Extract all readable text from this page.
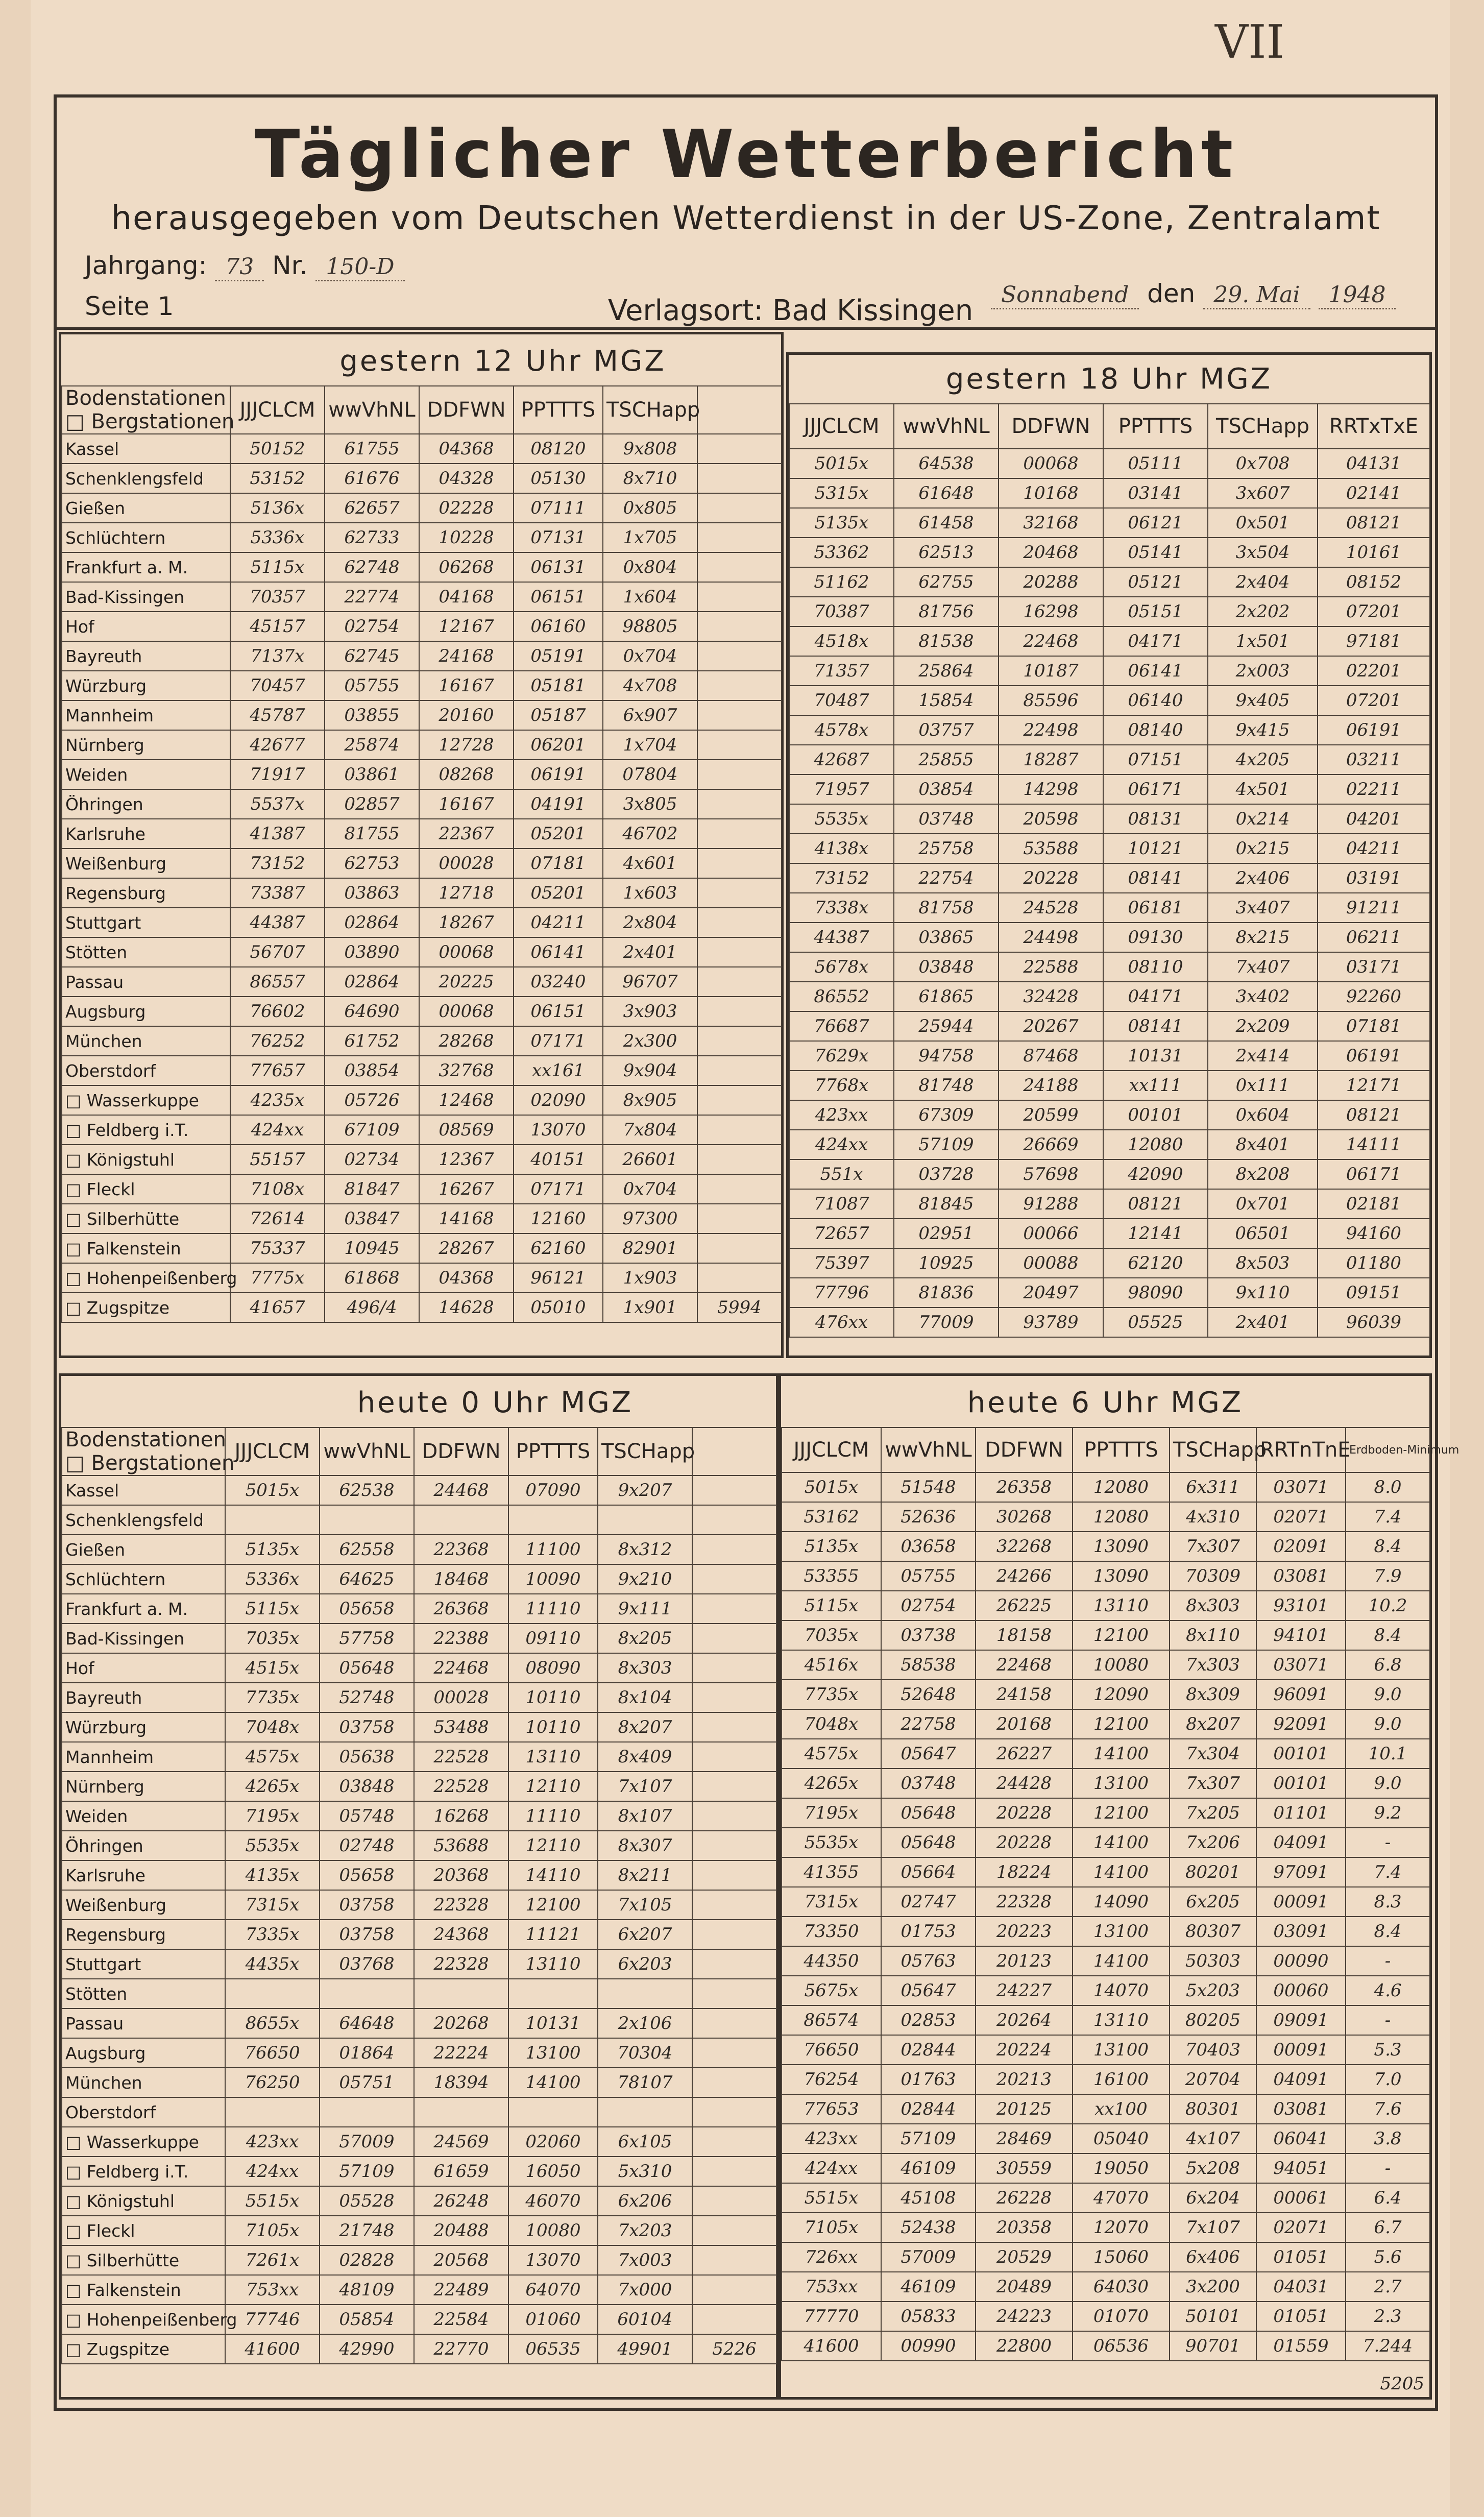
VII
Täglicher Wetterbericht
herausgegeben vom Deutschen Wetterdienst in der US-Zone, Zentralamt
Jahrgang: 73 Nr. 150-D
Seite 1	Verlagsort: Bad Kissingen	Sonnabend den 29. Mai 1948
gestern 12 Uhr MGZ
Bodenstationen
□ Bergstationen	JJJCLCM	wwVhNL	DDFWN	PPTTTS	TSCHapp	
Kassel	50152	61755	04368	08120	9x808	
Schenklengsfeld	53152	61676	04328	05130	8x710	
Gießen	5136x	62657	02228	07111	0x805	
Schlüchtern	5336x	62733	10228	07131	1x705	
Frankfurt a. M.	5115x	62748	06268	06131	0x804	
Bad-Kissingen	70357	22774	04168	06151	1x604	
Hof	45157	02754	12167	06160	98805	
Bayreuth	7137x	62745	24168	05191	0x704	
Würzburg	70457	05755	16167	05181	4x708	
Mannheim	45787	03855	20160	05187	6x907	
Nürnberg	42677	25874	12728	06201	1x704	
Weiden	71917	03861	08268	06191	07804	
Öhringen	5537x	02857	16167	04191	3x805	
Karlsruhe	41387	81755	22367	05201	46702	
Weißenburg	73152	62753	00028	07181	4x601	
Regensburg	73387	03863	12718	05201	1x603	
Stuttgart	44387	02864	18267	04211	2x804	
Stötten	56707	03890	00068	06141	2x401	
Passau	86557	02864	20225	03240	96707	
Augsburg	76602	64690	00068	06151	3x903	
München	76252	61752	28268	07171	2x300	
Oberstdorf	77657	03854	32768	xx161	9x904	
□ Wasserkuppe	4235x	05726	12468	02090	8x905	
□ Feldberg i.T.	424xx	67109	08569	13070	7x804	
□ Königstuhl	55157	02734	12367	40151	26601	
□ Fleckl	7108x	81847	16267	07171	0x704	
□ Silberhütte	72614	03847	14168	12160	97300	
□ Falkenstein	75337	10945	28267	62160	82901	
□ Hohenpeißenberg	7775x	61868	04368	96121	1x903	
□ Zugspitze	41657	496/4	14628	05010	1x901	5994
gestern 18 Uhr MGZ
JJJCLCM	wwVhNL	DDFWN	PPTTTS	TSCHapp	RRTxTxE
5015x	64538	00068	05111	0x708	04131
5315x	61648	10168	03141	3x607	02141
5135x	61458	32168	06121	0x501	08121
53362	62513	20468	05141	3x504	10161
51162	62755	20288	05121	2x404	08152
70387	81756	16298	05151	2x202	07201
4518x	81538	22468	04171	1x501	97181
71357	25864	10187	06141	2x003	02201
70487	15854	85596	06140	9x405	07201
4578x	03757	22498	08140	9x415	06191
42687	25855	18287	07151	4x205	03211
71957	03854	14298	06171	4x501	02211
5535x	03748	20598	08131	0x214	04201
4138x	25758	53588	10121	0x215	04211
73152	22754	20228	08141	2x406	03191
7338x	81758	24528	06181	3x407	91211
44387	03865	24498	09130	8x215	06211
5678x	03848	22588	08110	7x407	03171
86552	61865	32428	04171	3x402	92260
76687	25944	20267	08141	2x209	07181
7629x	94758	87468	10131	2x414	06191
7768x	81748	24188	xx111	0x111	12171
423xx	67309	20599	00101	0x604	08121
424xx	57109	26669	12080	8x401	14111
551x	03728	57698	42090	8x208	06171
71087	81845	91288	08121	0x701	02181
72657	02951	00066	12141	06501	94160
75397	10925	00088	62120	8x503	01180
77796	81836	20497	98090	9x110	09151
476xx	77009	93789	05525	2x401	96039
heute 0 Uhr MGZ
Bodenstationen
□ Bergstationen	JJJCLCM	wwVhNL	DDFWN	PPTTTS	TSCHapp	
Kassel	5015x	62538	24468	07090	9x207	
Schenklengsfeld						
Gießen	5135x	62558	22368	11100	8x312	
Schlüchtern	5336x	64625	18468	10090	9x210	
Frankfurt a. M.	5115x	05658	26368	11110	9x111	
Bad-Kissingen	7035x	57758	22388	09110	8x205	
Hof	4515x	05648	22468	08090	8x303	
Bayreuth	7735x	52748	00028	10110	8x104	
Würzburg	7048x	03758	53488	10110	8x207	
Mannheim	4575x	05638	22528	13110	8x409	
Nürnberg	4265x	03848	22528	12110	7x107	
Weiden	7195x	05748	16268	11110	8x107	
Öhringen	5535x	02748	53688	12110	8x307	
Karlsruhe	4135x	05658	20368	14110	8x211	
Weißenburg	7315x	03758	22328	12100	7x105	
Regensburg	7335x	03758	24368	11121	6x207	
Stuttgart	4435x	03768	22328	13110	6x203	
Stötten						
Passau	8655x	64648	20268	10131	2x106	
Augsburg	76650	01864	22224	13100	70304	
München	76250	05751	18394	14100	78107	
Oberstdorf						
□ Wasserkuppe	423xx	57009	24569	02060	6x105	
□ Feldberg i.T.	424xx	57109	61659	16050	5x310	
□ Königstuhl	5515x	05528	26248	46070	6x206	
□ Fleckl	7105x	21748	20488	10080	7x203	
□ Silberhütte	7261x	02828	20568	13070	7x003	
□ Falkenstein	753xx	48109	22489	64070	7x000	
□ Hohenpeißenberg	77746	05854	22584	01060	60104	
□ Zugspitze	41600	42990	22770	06535	49901	5226
heute 6 Uhr MGZ
JJJCLCM	wwVhNL	DDFWN	PPTTTS	TSCHapp	RRTnTnE	Erdboden-Minimum
5015x	51548	26358	12080	6x311	03071	8.0
53162	52636	30268	12080	4x310	02071	7.4
5135x	03658	32268	13090	7x307	02091	8.4
53355	05755	24266	13090	70309	03081	7.9
5115x	02754	26225	13110	8x303	93101	10.2
7035x	03738	18158	12100	8x110	94101	8.4
4516x	58538	22468	10080	7x303	03071	6.8
7735x	52648	24158	12090	8x309	96091	9.0
7048x	22758	20168	12100	8x207	92091	9.0
4575x	05647	26227	14100	7x304	00101	10.1
4265x	03748	24428	13100	7x307	00101	9.0
7195x	05648	20228	12100	7x205	01101	9.2
5535x	05648	20228	14100	7x206	04091	-
41355	05664	18224	14100	80201	97091	7.4
7315x	02747	22328	14090	6x205	00091	8.3
73350	01753	20223	13100	80307	03091	8.4
44350	05763	20123	14100	50303	00090	-
5675x	05647	24227	14070	5x203	00060	4.6
86574	02853	20264	13110	80205	09091	-
76650	02844	20224	13100	70403	00091	5.3
76254	01763	20213	16100	20704	04091	7.0
77653	02844	20125	xx100	80301	03081	7.6
423xx	57109	28469	05040	4x107	06041	3.8
424xx	46109	30559	19050	5x208	94051	-
5515x	45108	26228	47070	6x204	00061	6.4
7105x	52438	20358	12070	7x107	02071	6.7
726xx	57009	20529	15060	6x406	01051	5.6
753xx	46109	20489	64030	3x200	04031	2.7
77770	05833	24223	01070	50101	01051	2.3
41600	00990	22800	06536	90701	01559	7.244
5205
